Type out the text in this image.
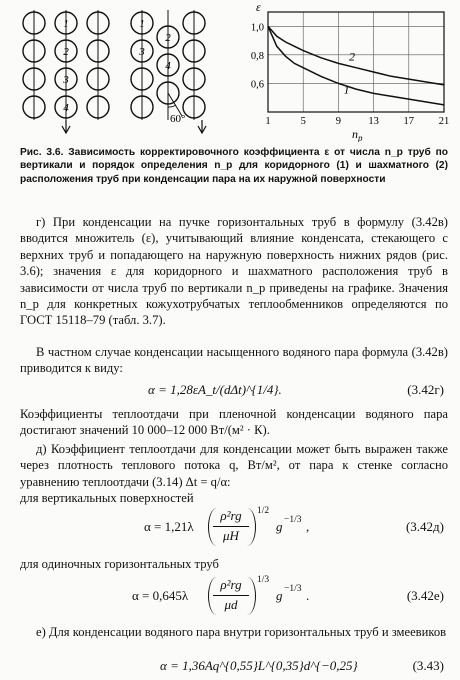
1
2
3
4
1
2
3
4
60°	1	5	9	13 17 21
1,0
0,8
0,6
ε
$n_p$
1
2
Рис. 3.6. Зависимость корректировочного коэффициента ε от числа n_p труб по вертикали и порядок определения n_p для коридорного (1) и шахматного (2) расположения труб при конденсации пара на их наружной поверхности

г) При конденсации на пучке горизонтальных труб в формулу (3.42в) вводится множитель (ε), учитывающий влияние конденсата, стекающего с верхних труб и попадающего на наружную поверхность нижних рядов (рис. 3.6); значения ε для коридорного и шахматного расположения труб в зависимости от числа труб по вертикали n_p приведены на графике. Значения n_p для конкретных кожухотрубчатых теплообменников определяются по ГОСТ 15118–79 (табл. 3.7).

В частном случае конденсации насыщенного водяного пара формула (3.42в) приводится к виду:

α = 1,28εA_t/(dΔt)^{1/4}.	(3.42г)

Коэффициенты теплоотдачи при пленочной конденсации водяного пара достигают значений 10 000–12 000 Вт/(м² · К).

д) Коэффициент теплоотдачи для конденсации может быть выражен также через плотность теплового потока q, Вт/м², от пара к стенке согласно уравнению теплоотдачи (3.14) Δt = q/α:

для вертикальных поверхностей

α = 1,21λ
ρ²rg
μH
1/2
g −1/3 ,	(3.42д)

для одиночных горизонтальных труб

α = 0,645λ
ρ²rg
μd
1/3
g −1/3 .	(3.42е)

е) Для конденсации водяного пара внутри горизонтальных труб и змеевиков

α = 1,36Aq^{0,55}L^{0,35}d^{−0,25}	(3.43)
